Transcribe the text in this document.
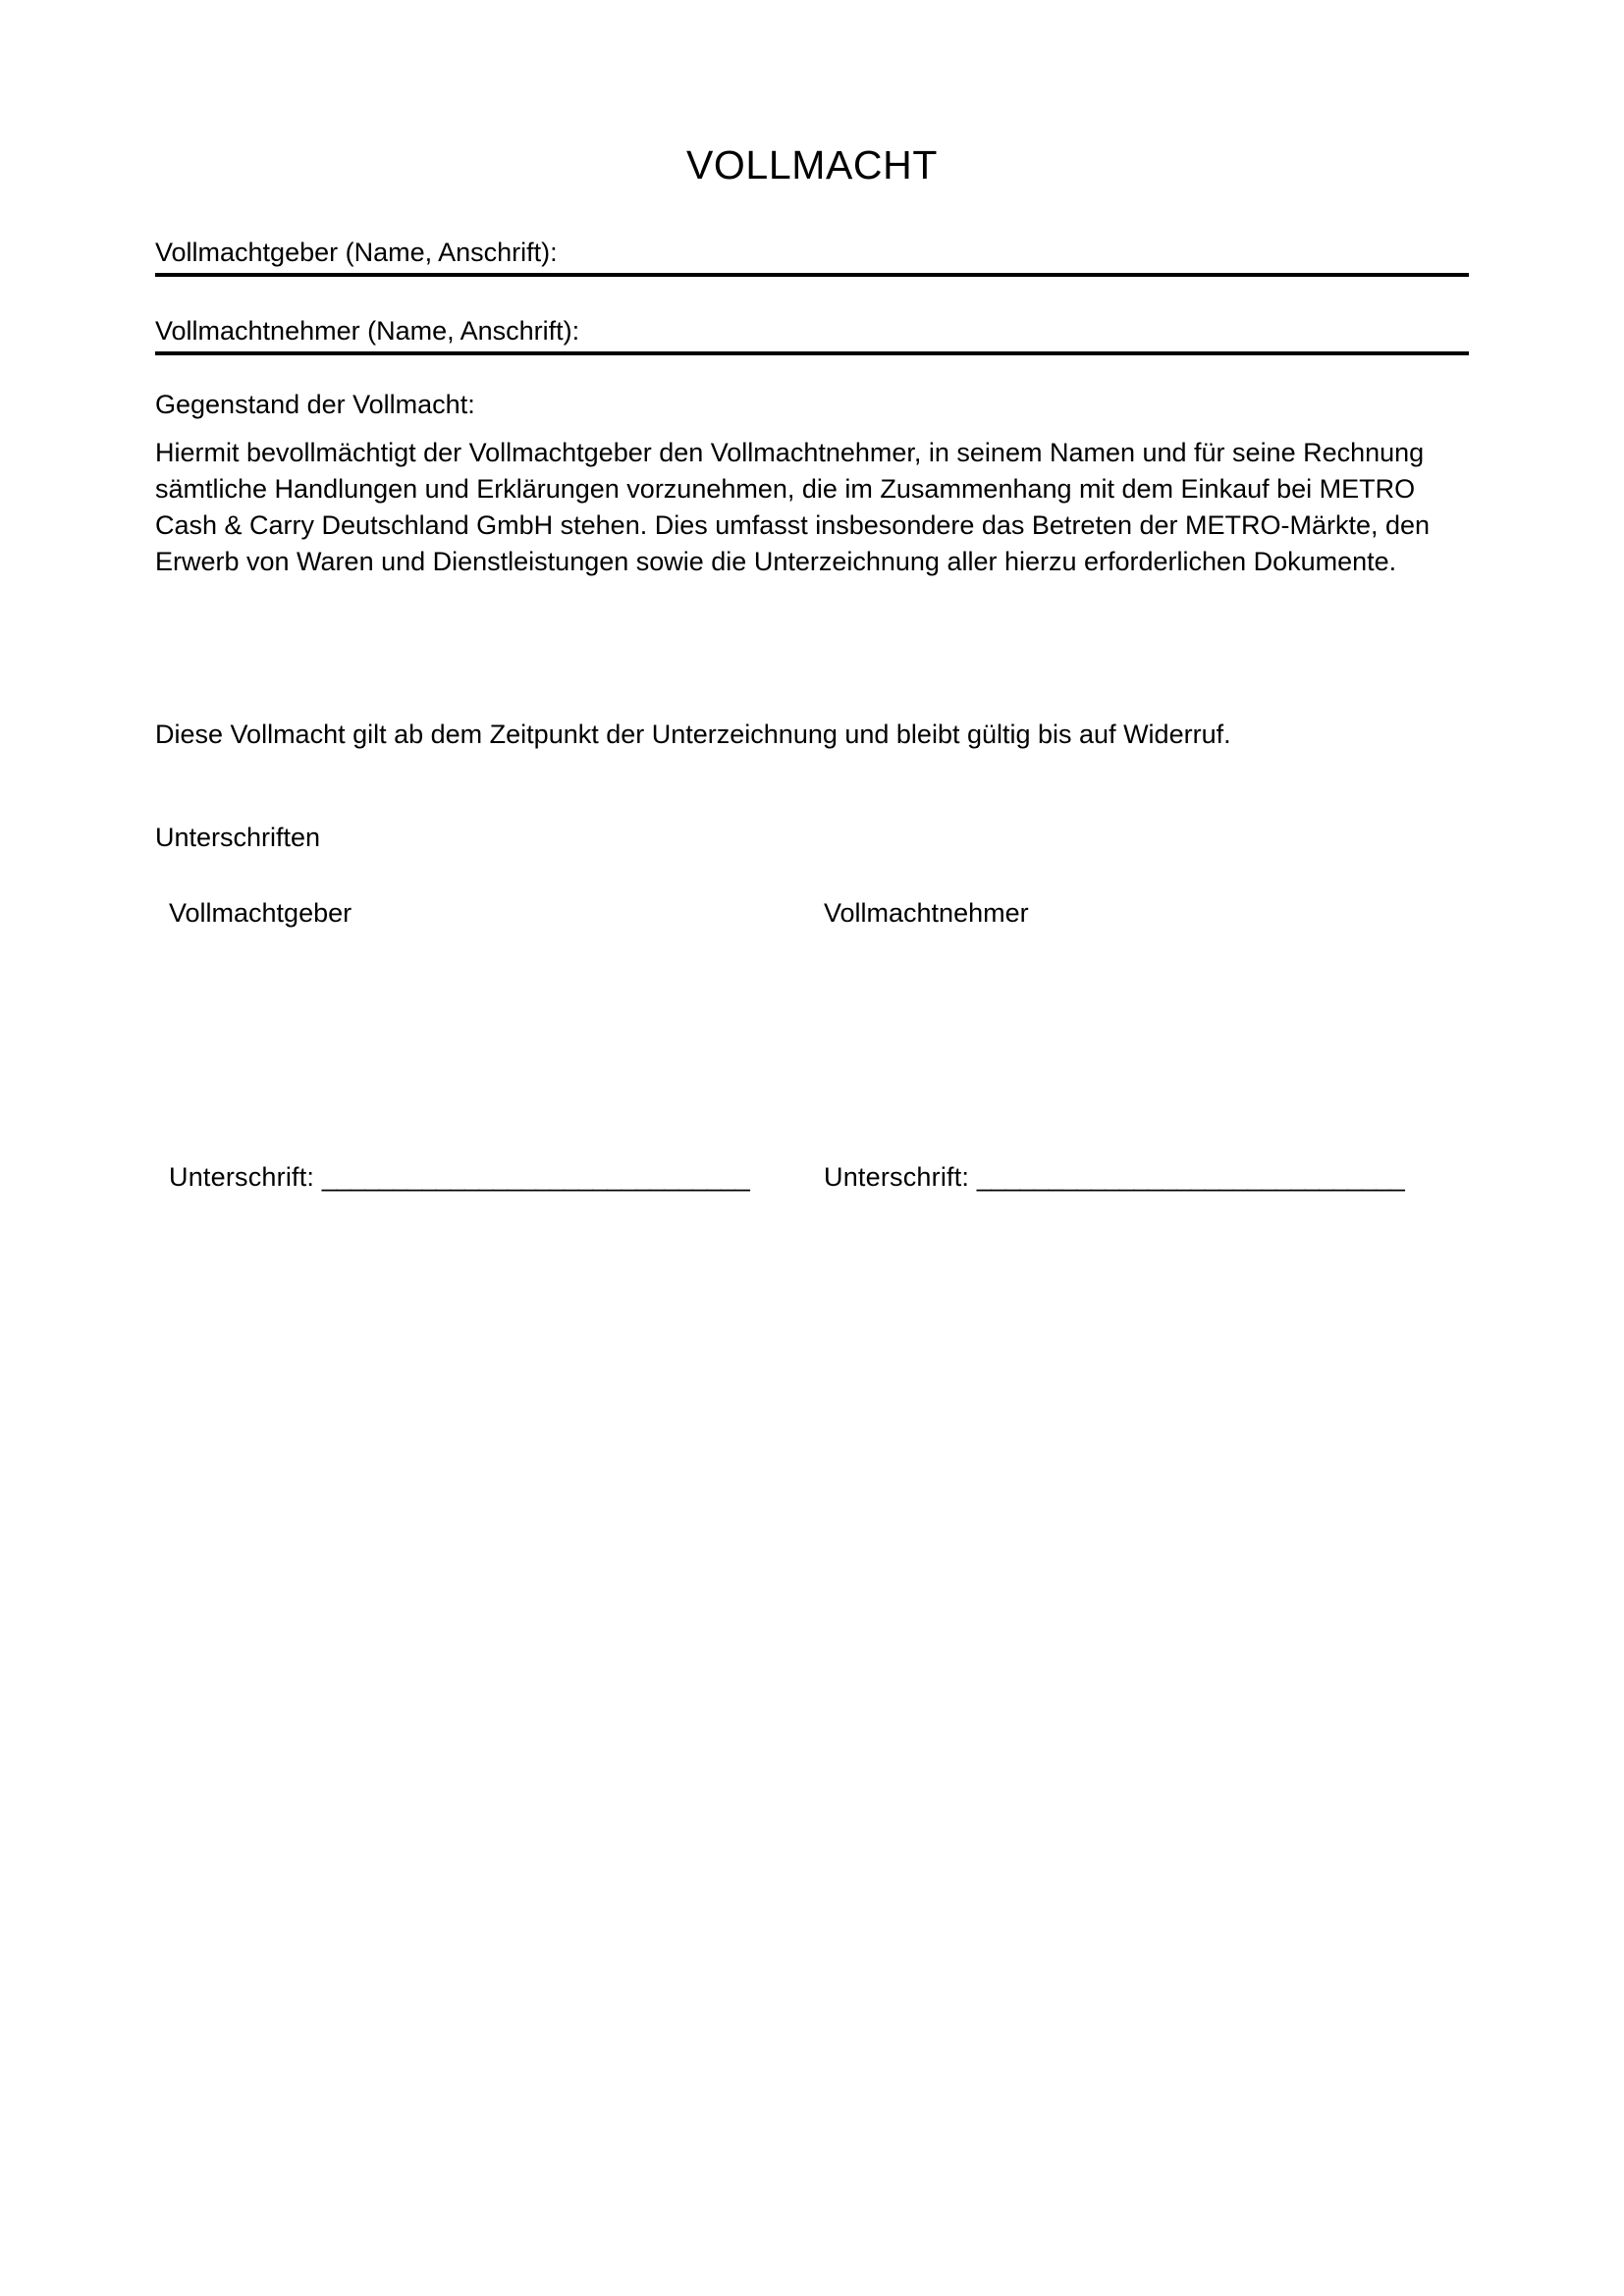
VOLLMACHT
Vollmachtgeber (Name, Anschrift):
Vollmachtnehmer (Name, Anschrift):
Gegenstand der Vollmacht:
Hiermit bevollmächtigt der Vollmachtgeber den Vollmachtnehmer, in seinem Namen und für seine Rechnung sämtliche Handlungen und Erklärungen vorzunehmen, die im Zusammenhang mit dem Einkauf bei METRO Cash & Carry Deutschland GmbH stehen. Dies umfasst insbesondere das Betreten der METRO-Märkte, den Erwerb von Waren und Dienstleistungen sowie die Unterzeichnung aller hierzu erforderlichen Dokumente.
Diese Vollmacht gilt ab dem Zeitpunkt der Unterzeichnung und bleibt gültig bis auf Widerruf.
Unterschriften
Vollmachtgeber
Unterschrift: ______________________________
Vollmachtnehmer
Unterschrift: ______________________________
